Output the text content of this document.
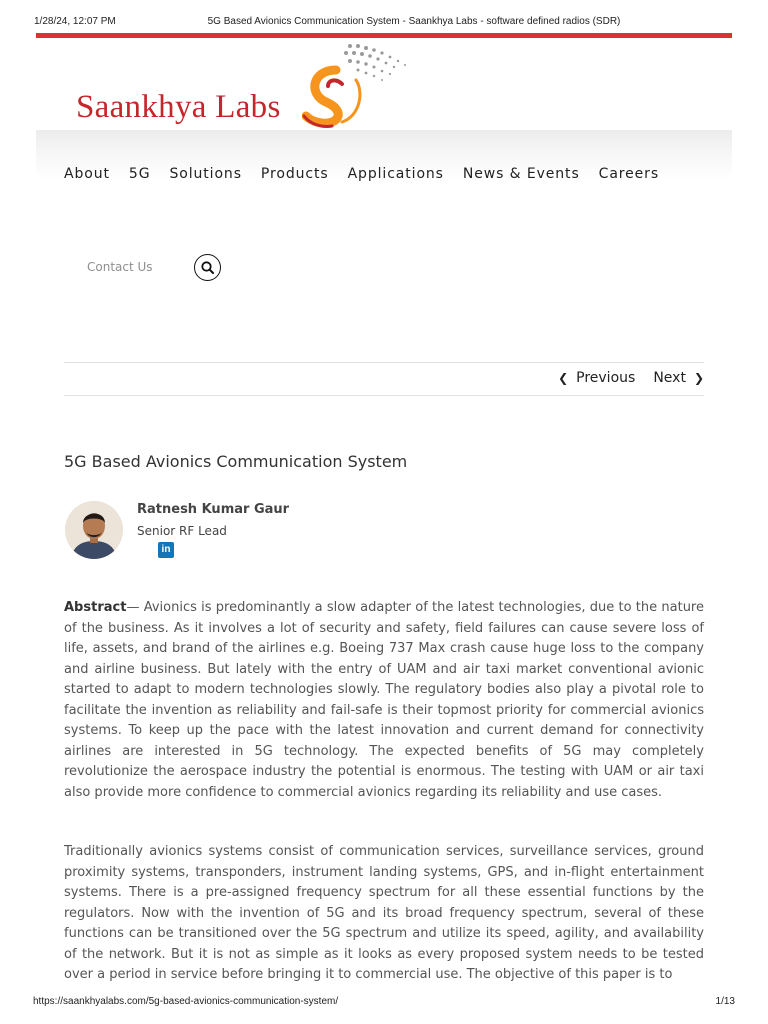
1/28/24, 12:07 PM	5G Based Avionics Communication System - Saankhya Labs - software defined radios (SDR)
Saankhya Labs
About 5G Solutions Products Applications News & Events Careers
Contact Us
❮ Previous Next ❯
5G Based Avionics Communication System
Ratnesh Kumar Gaur
Senior RF Lead
in

Abstract— Avionics is predominantly a slow adapter of the latest technologies, due to the nature of the business. As it involves a lot of security and safety, field failures can cause severe loss of life, assets, and brand of the airlines e.g. Boeing 737 Max crash cause huge loss to the company and airline business. But lately with the entry of UAM and air taxi market conventional avionic started to adapt to modern technologies slowly. The regulatory bodies also play a pivotal role to facilitate the invention as reliability and fail-safe is their topmost priority for commercial avionics systems. To keep up the pace with the latest innovation and current demand for connectivity airlines are interested in 5G technology. The expected benefits of 5G may completely revolutionize the aerospace industry the potential is enormous. The testing with UAM or air taxi also provide more confidence to commercial avionics regarding its reliability and use cases.

Traditionally avionics systems consist of communication services, surveillance services, ground proximity systems, transponders, instrument landing systems, GPS, and in-flight entertainment systems. There is a pre-assigned frequency spectrum for all these essential functions by the regulators. Now with the invention of 5G and its broad frequency spectrum, several of these functions can be transitioned over the 5G spectrum and utilize its speed, agility, and availability of the network. But it is not as simple as it looks as every proposed system needs to be tested over a period in service before bringing it to commercial use. The objective of this paper is to

https://saankhyalabs.com/5g-based-avionics-communication-system/	1/13
